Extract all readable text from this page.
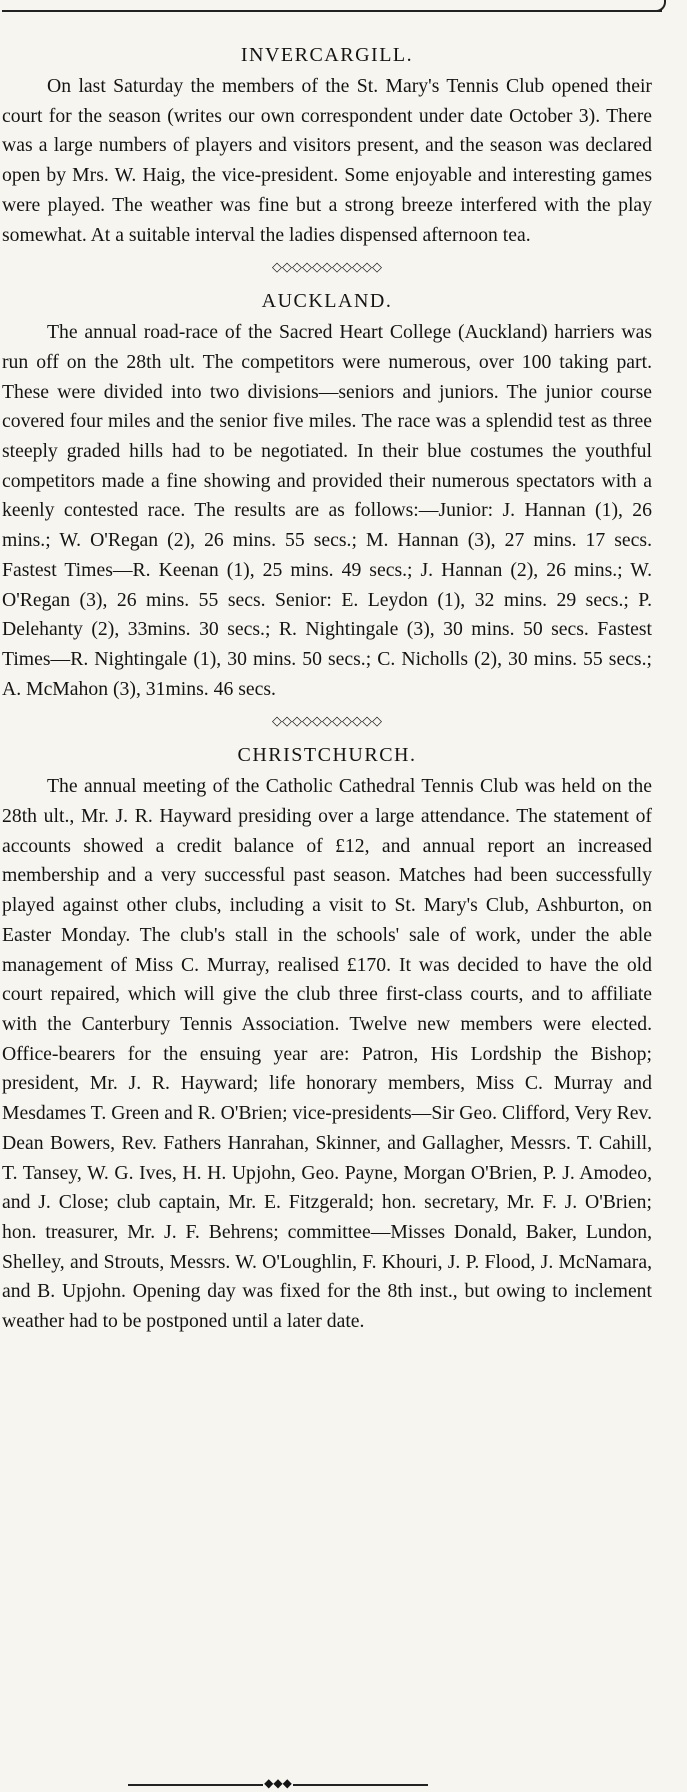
INVERCARGILL.

On last Saturday the members of the St. Mary's Tennis Club opened their court for the season (writes our own correspondent under date October 3). There was a large numbers of players and visitors present, and the season was declared open by Mrs. W. Haig, the vice-president. Some enjoyable and interesting games were played. The weather was fine but a strong breeze interfered with the play somewhat. At a suitable interval the ladies dispensed afternoon tea.

◇◇◇◇◇◇◇◇◇◇◇
AUCKLAND.

The annual road-race of the Sacred Heart College (Auckland) harriers was run off on the 28th ult. The competitors were numerous, over 100 taking part. These were divided into two divisions—seniors and juniors. The junior course covered four miles and the senior five miles. The race was a splendid test as three steeply graded hills had to be negotiated. In their blue costumes the youthful competitors made a fine showing and provided their numerous spectators with a keenly contested race. The results are as follows:—Junior: J. Hannan (1), 26 mins.; W. O'Regan (2), 26 mins. 55 secs.; M. Hannan (3), 27 mins. 17 secs. Fastest Times—R. Keenan (1), 25 mins. 49 secs.; J. Hannan (2), 26 mins.; W. O'Regan (3), 26 mins. 55 secs. Senior: E. Leydon (1), 32 mins. 29 secs.; P. Delehanty (2), 33mins. 30 secs.; R. Nightingale (3), 30 mins. 50 secs. Fastest Times—R. Nightingale (1), 30 mins. 50 secs.; C. Nicholls (2), 30 mins. 55 secs.; A. McMahon (3), 31mins. 46 secs.

◇◇◇◇◇◇◇◇◇◇◇
CHRISTCHURCH.

The annual meeting of the Catholic Cathedral Tennis Club was held on the 28th ult., Mr. J. R. Hayward presiding over a large attendance. The statement of accounts showed a credit balance of £12, and annual report an increased membership and a very successful past season. Matches had been successfully played against other clubs, including a visit to St. Mary's Club, Ashburton, on Easter Monday. The club's stall in the schools' sale of work, under the able management of Miss C. Murray, realised £170. It was decided to have the old court repaired, which will give the club three first-class courts, and to affiliate with the Canterbury Tennis Association. Twelve new members were elected. Office-bearers for the ensuing year are: Patron, His Lordship the Bishop; president, Mr. J. R. Hayward; life honorary members, Miss C. Murray and Mesdames T. Green and R. O'Brien; vice-presidents—Sir Geo. Clifford, Very Rev. Dean Bowers, Rev. Fathers Hanrahan, Skinner, and Gallagher, Messrs. T. Cahill, T. Tansey, W. G. Ives, H. H. Upjohn, Geo. Payne, Morgan O'Brien, P. J. Amodeo, and J. Close; club captain, Mr. E. Fitzgerald; hon. secretary, Mr. F. J. O'Brien; hon. treasurer, Mr. J. F. Behrens; committee—Misses Donald, Baker, Lundon, Shelley, and Strouts, Messrs. W. O'Loughlin, F. Khouri, J. P. Flood, J. McNamara, and B. Upjohn. Opening day was fixed for the 8th inst., but owing to inclement weather had to be postponed until a later date.

◆◆◆
